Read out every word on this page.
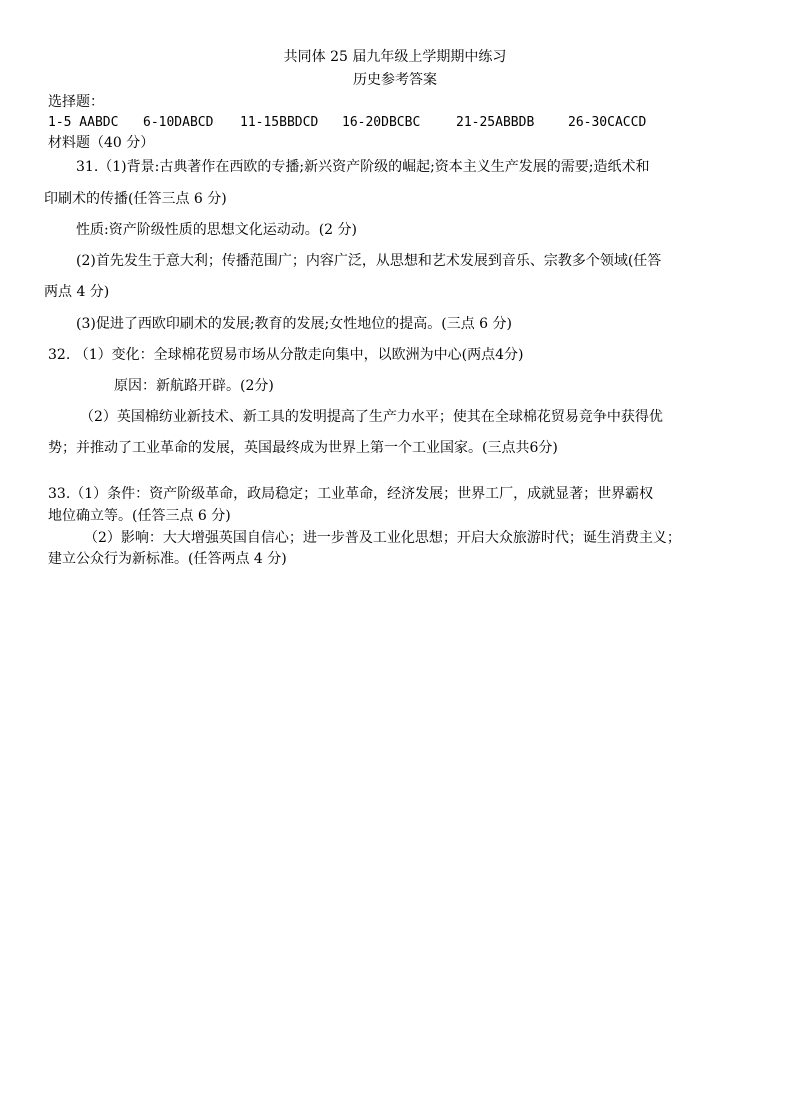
共同体 25 届九年级上学期期中练习
历史参考答案
选择题：
1-5 AABDC 6-10DABCD 11-15BBDCD 16-20DBCBC	21-25ABBDB	26-30CACCD
材料题（40 分）
31.（1)背景:古典著作在西欧的专播;新兴资产阶级的崛起;资本主义生产发展的需要;造纸术和
印刷术的传播(任答三点 6 分)
性质:资产阶级性质的思想文化运动动。(2 分)
(2)首先发生于意大利；传播范围广；内容广泛，从思想和艺术发展到音乐、宗教多个领域(任答
两点 4 分)
(3)促进了西欧印刷术的发展;教育的发展;女性地位的提高。(三点 6 分)
32. （1）变化：全球棉花贸易市场从分散走向集中，以欧洲为中心(两点4分)
原因：新航路开辟。(2分)
（2）英国棉纺业新技术、新工具的发明提高了生产力水平；使其在全球棉花贸易竞争中获得优
势；并推动了工业革命的发展，英国最终成为世界上第一个工业国家。(三点共6分)
33.（1）条件：资产阶级革命，政局稳定；工业革命，经济发展；世界工厂，成就显著；世界霸权
地位确立等。(任答三点 6 分)
（2）影响：大大增强英国自信心；进一步普及工业化思想；开启大众旅游时代；诞生消费主义；
建立公众行为新标准。(任答两点 4 分)
